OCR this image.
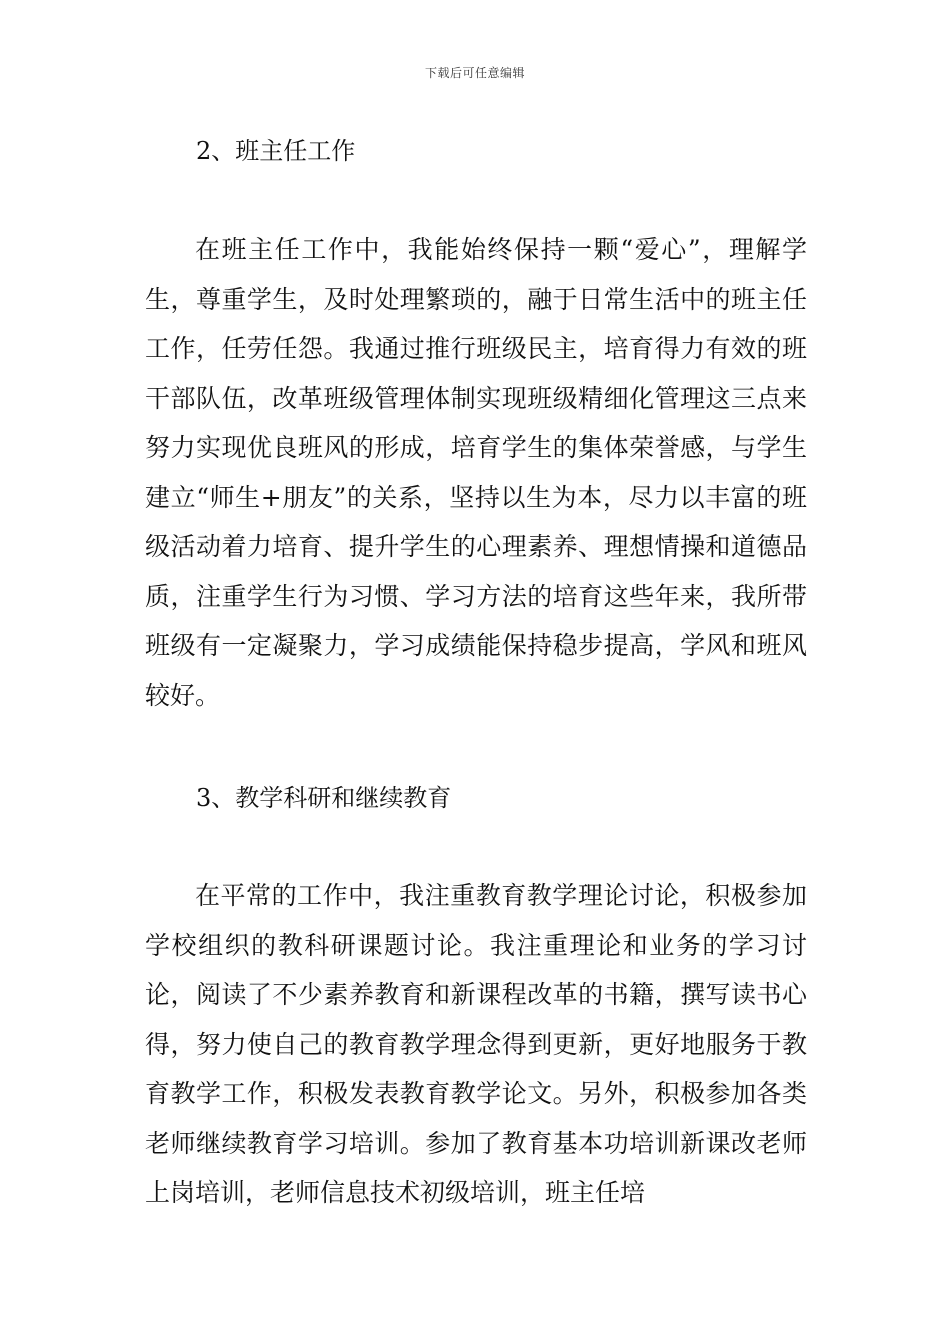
下载后可任意编辑
2、班主任工作
在班主任工作中，我能始终保持一颗“爱心”，理解学生，尊重学生，及时处理繁琐的，融于日常生活中的班主任工作，任劳任怨。我通过推行班级民主，培育得力有效的班干部队伍，改革班级管理体制实现班级精细化管理这三点来努力实现优良班风的形成，培育学生的集体荣誉感，与学生建立“师生+朋友”的关系，坚持以生为本，尽力以丰富的班级活动着力培育、提升学生的心理素养、理想情操和道德品质，注重学生行为习惯、学习方法的培育这些年来，我所带班级有一定凝聚力，学习成绩能保持稳步提高，学风和班风较好。
3、教学科研和继续教育
在平常的工作中，我注重教育教学理论讨论，积极参加学校组织的教科研课题讨论。我注重理论和业务的学习讨论，阅读了不少素养教育和新课程改革的书籍，撰写读书心得，努力使自己的教育教学理念得到更新，更好地服务于教育教学工作，积极发表教育教学论文。另外，积极参加各类老师继续教育学习培训。参加了教育基本功培训新课改老师上岗培训，老师信息技术初级培训，班主任培
